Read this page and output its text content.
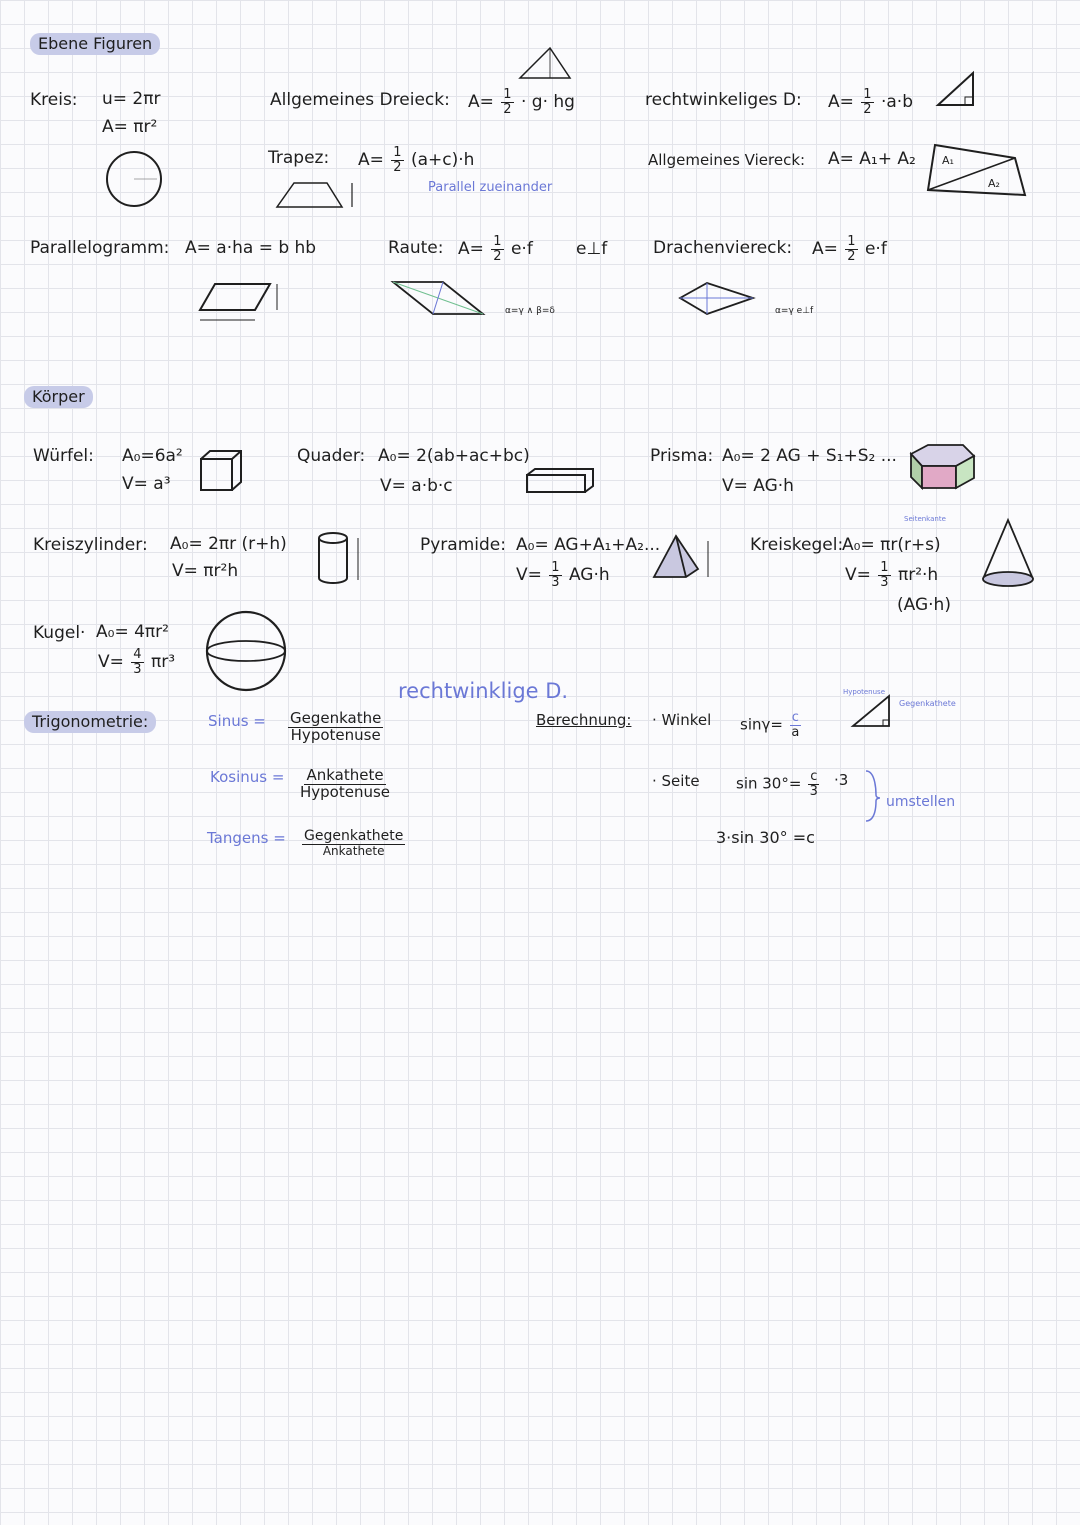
Ebene Figuren
Körper
Trigonometrie:
Kreis: u= 2πr
A= πr²
Allgemeines Dreieck: $A= \frac{1}{2} \cdot g\cdot$ hg	rechtwinkeliges D: $A= \frac{1}{2} \cdot a\cdot b$
Trapez: $A= \frac{1}{2} (a+c)\cdot h$
Parallel zueinander
Allgemeines Viereck: A= A₁+ A₂ A₁
A₂
Parallelogramm: A= a·ha = b hb	Raute: $A= \frac{1}{2} e\cdot f$	e⊥f
α=γ ∧ β=δ
Drachenviereck: $A= \frac{1}{2} e\cdot f$
α=γ e⊥f
Würfel: A₀=6a²
V= a³
Quader: A₀= 2(ab+ac+bc)
V= a·b·c
Prisma: A₀= 2 AG + S₁+S₂ ...
V= AG·h
Kreiszylinder: A₀= 2πr (r+h)
V= πr²h
Pyramide: A₀= AG+A₁+A₂...
$V= \frac{1}{3} AG\cdot h$
Kreiskegel:
A₀= πr(r+s)
$V= \frac{1}{3} \pi r^2\cdot h$
(AG·h)
Seitenkante
Kugel· A₀= 4πr²
$V= \frac{4}{3} \pi r^3$
rechtwinklige D.
Sinus = $\frac{\text{Gegenkathe}}{\text{Hypotenuse}}$
Kosinus = $\frac{\text{Ankathete}}{\text{Hypotenuse}}$
Tangens = $\frac{\text{Gegenkathete}}{\text{Ankathete}}$
Berechnung: · Winkel $\sin\gamma= \frac{c}{a}$
· Seite $\sin 30^\circ= \frac{c}{3} \cdot 3$
3·sin 30° =c
umstellen
Hypotenuse
Gegenkathete
